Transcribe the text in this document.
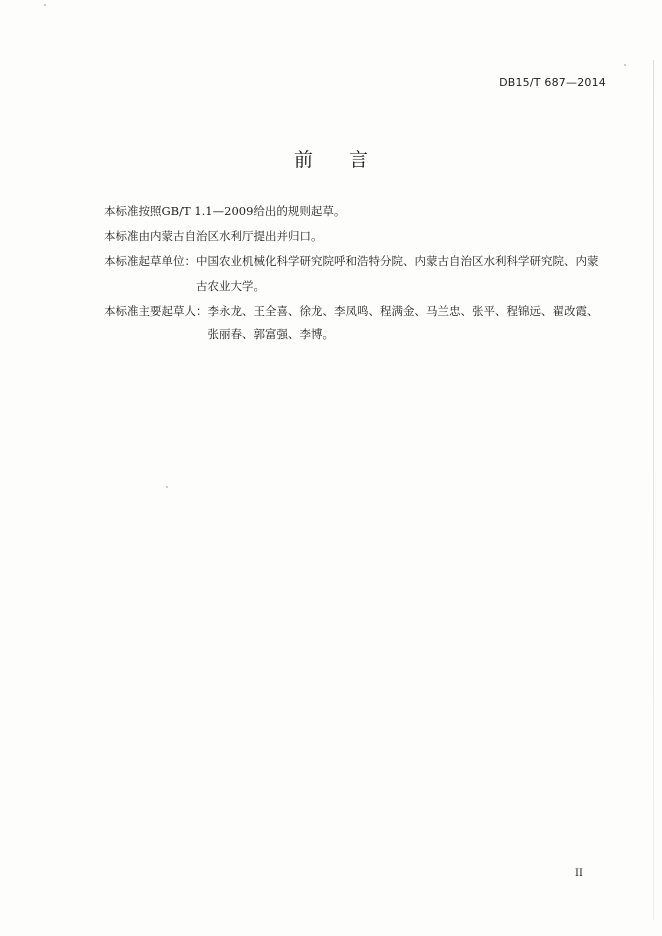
DB15/T 687—2014
前 言
本标准按照GB/T 1.1—2009给出的规则起草。
本标准由内蒙古自治区水利厅提出并归口。
本标准起草单位：中国农业机械化科学研究院呼和浩特分院、内蒙古自治区水利科学研究院、内蒙
古农业大学。
本标准主要起草人： 李永龙、王全喜、徐龙、李凤鸣、程满金、马兰忠、张平、程锦远、翟改霞、
张丽春、郭富强、李博。
II
